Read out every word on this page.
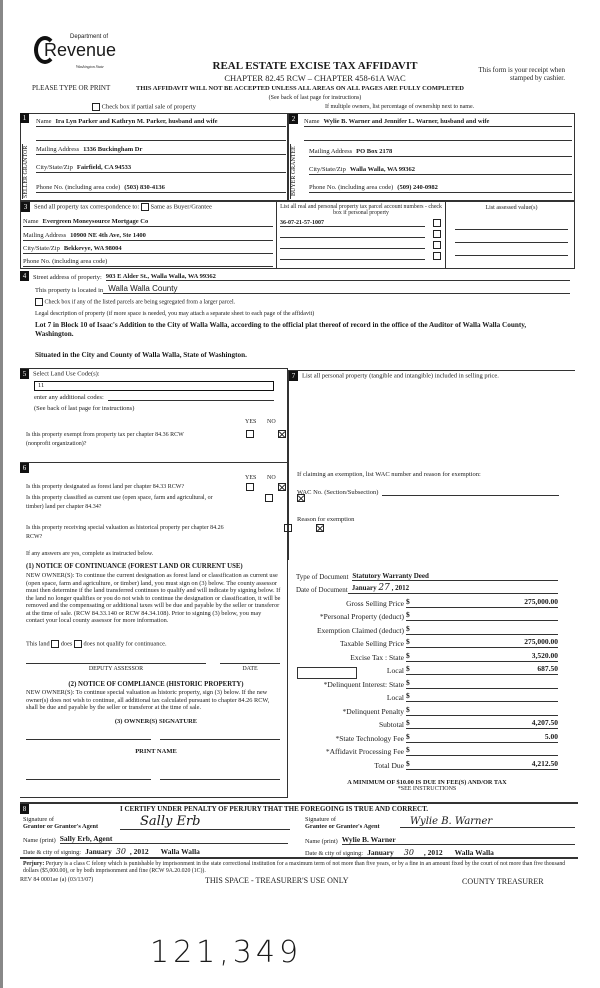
Department of
Revenue
Washington State
PLEASE TYPE OR PRINT
REAL ESTATE EXCISE TAX AFFIDAVIT
CHAPTER 82.45 RCW – CHAPTER 458-61A WAC
THIS AFFIDAVIT WILL NOT BE ACCEPTED UNLESS ALL AREAS ON ALL PAGES ARE FULLY COMPLETED
(See back of last page for instructions)
This form is your receipt when stamped by cashier.
Check box if partial sale of property	If multiple owners, list percentage of ownership next to name.
1	Name Ira Lyn Parker and Kathryn M. Parker, husband and wife
SELLER GRANTOR	Mailing Address 1336 Buckingham Dr
City/State/Zip Fairfield, CA 94533
Phone No. (including area code) (503) 830-4136
2	Name Wylie B. Warner and Jennifer L. Warner, husband and wife
BUYER GRANTEE	Mailing Address PO Box 2178
City/State/Zip Walla Walla, WA 99362
Phone No. (including area code) (509) 240-0982
3 Send all property tax correspondence to: Same as Buyer/Grantee
Name Evergreen Moneysource Mortgage Co
Mailing Address 10900 NE 4th Ave, Ste 1400
City/State/Zip Bekkevye, WA 98004
Phone No. (including area code)
List all real and personal property tax parcel account numbers - check box if personal property
36-07-21-57-1007
List assessed value(s)
4	Street address of property: 903 E Alder St., Walla Walla, WA 99362
This property is located in Walla Walla County
Check box if any of the listed parcels are being segregated from a larger parcel.
Legal description of property (if more space is needed, you may attach a separate sheet to each page of the affidavit)
Lot 7 in Block 10 of Isaac's Addition to the City of Walla Walla, according to the official plat thereof of record in the office of the Auditor of Walla Walla County, Washington.
Situated in the City and County of Walla Walla, State of Washington.
5 Select Land Use Code(s):
11
enter any additional codes:
(See back of last page for instructions)
YES NO
Is this property exempt from property tax per chapter 84.36 RCW (nonprofit organization)?

7 List all personal property (tangible and intangible) included in selling price.
If claiming an exemption, list WAC number and reason for exemption:
WAC No. (Section/Subsection)
Reason for exemption
6
YES NO
Is this property designated as forest land per chapter 84.33 RCW?

Is this property classified as current use (open space, farm and agricultural, or timber) land per chapter 84.34?

Is this property receiving special valuation as historical property per chapter 84.26 RCW?

If any answers are yes, complete as instructed below.
(1) NOTICE OF CONTINUANCE (FOREST LAND OR CURRENT USE)
NEW OWNER(S): To continue the current designation as forest land or classification as current use (open space, farm and agriculture, or timber) land, you must sign on (3) below. The county assessor must then determine if the land transferred continues to qualify and will indicate by signing below. If the land no longer qualifies or you do not wish to continue the designation or classification, it will be removed and the compensating or additional taxes will be due and payable by the seller or transferor at the time of sale. (RCW 84.33.140 or RCW 84.34.108). Prior to signing (3) below, you may contact your local county assessor for more information.
This land does does not qualify for continuance.
DEPUTY ASSESSOR	DATE
(2) NOTICE OF COMPLIANCE (HISTORIC PROPERTY)
NEW OWNER(S): To continue special valuation as historic property, sign (3) below. If the new owner(s) does not wish to continue, all additional tax calculated pursuant to chapter 84.26 RCW, shall be due and payable by the seller or transferor at the time of sale.
(3) OWNER(S) SIGNATURE
PRINT NAME
Type of Document Statutory Warranty Deed
Date of Document January 27 , 2012
Gross Selling Price $	275,000.00
*Personal Property (deduct) $
Exemption Claimed (deduct) $
Taxable Selling Price $	275,000.00
Excise Tax : State $	3,520.00
Local $	687.50
*Delinquent Interest: State $
Local $
*Delinquent Penalty $
Subtotal $	4,207.50
*State Technology Fee $	5.00
*Affidavit Processing Fee $
Total Due $	4,212.50
A MINIMUM OF $10.00 IS DUE IN FEE(S) AND/OR TAX
*SEE INSTRUCTIONS
8	I CERTIFY UNDER PENALTY OF PERJURY THAT THE FOREGOING IS TRUE AND CORRECT.
Signature of
Grantor or Grantor's Agent	Sally Erb
Name (print) Sally Erb, Agent
Date & city of signing: January 30 , 2012 Walla Walla
Signature of
Grantee or Grantee's Agent	Wylie B. Warner
Name (print) Wylie B. Warner
Date & city of signing: January 30 , 2012 Walla Walla
Perjury: Perjury is a class C felony which is punishable by imprisonment in the state correctional institution for a maximum term of not more than five years, or by a fine in an amount fixed by the court of not more than five thousand dollars ($5,000.00), or by both imprisonment and fine (RCW 9A.20.020 (1C)).
REV 84 0001ae (a) (03/13/07)	THIS SPACE - TREASURER'S USE ONLY	COUNTY TREASURER
121,349
